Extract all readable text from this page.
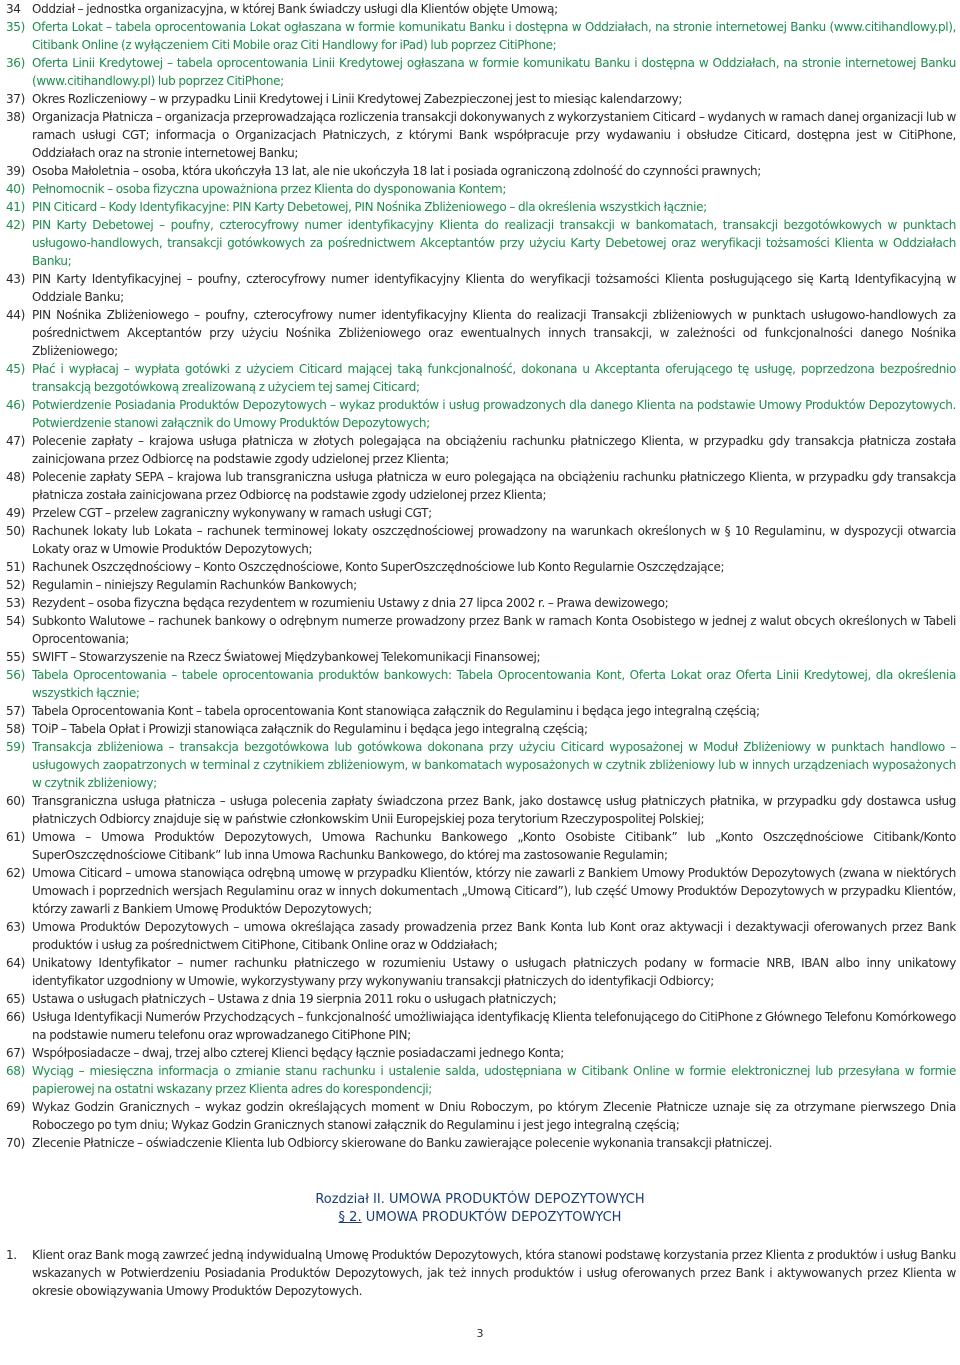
34 Oddział – jednostka organizacyjna, w której Bank świadczy usługi dla Klientów objęte Umową;
35) Oferta Lokat – tabela oprocentowania Lokat ogłaszana w formie komunikatu Banku i dostępna w Oddziałach, na stronie internetowej Banku (www.citihandlowy.pl), Citibank Online (z wyłączeniem Citi Mobile oraz Citi Handlowy for iPad) lub poprzez CitiPhone;
36) Oferta Linii Kredytowej – tabela oprocentowania Linii Kredytowej ogłaszana w formie komunikatu Banku i dostępna w Oddziałach, na stronie internetowej Banku (www.citihandlowy.pl) lub poprzez CitiPhone;
37) Okres Rozliczeniowy – w przypadku Linii Kredytowej i Linii Kredytowej Zabezpieczonej jest to miesiąc kalendarzowy;
38) Organizacja Płatnicza – organizacja przeprowadzająca rozliczenia transakcji dokonywanych z wykorzystaniem Citicard – wydanych w ramach danej organizacji lub w ramach usługi CGT; informacja o Organizacjach Płatniczych, z którymi Bank współpracuje przy wydawaniu i obsłudze Citicard, dostępna jest w CitiPhone, Oddziałach oraz na stronie internetowej Banku;
39) Osoba Małoletnia – osoba, która ukończyła 13 lat, ale nie ukończyła 18 lat i posiada ograniczoną zdolność do czynności prawnych;
40) Pełnomocnik – osoba fizyczna upoważniona przez Klienta do dysponowania Kontem;
41) PIN Citicard – Kody Identyfikacyjne: PIN Karty Debetowej, PIN Nośnika Zbliżeniowego – dla określenia wszystkich łącznie;
42) PIN Karty Debetowej – poufny, czterocyfrowy numer identyfikacyjny Klienta do realizacji transakcji w bankomatach, transakcji bezgotówkowych w punktach usługowo-handlowych, transakcji gotówkowych za pośrednictwem Akceptantów przy użyciu Karty Debetowej oraz weryfikacji tożsamości Klienta w Oddziałach Banku;
43) PIN Karty Identyfikacyjnej – poufny, czterocyfrowy numer identyfikacyjny Klienta do weryfikacji tożsamości Klienta posługującego się Kartą Identyfikacyjną w Oddziale Banku;
44) PIN Nośnika Zbliżeniowego – poufny, czterocyfrowy numer identyfikacyjny Klienta do realizacji Transakcji zbliżeniowych w punktach usługowo-handlowych za pośrednictwem Akceptantów przy użyciu Nośnika Zbliżeniowego oraz ewentualnych innych transakcji, w zależności od funkcjonalności danego Nośnika Zbliżeniowego;
45) Płać i wypłacaj – wypłata gotówki z użyciem Citicard mającej taką funkcjonalność, dokonana u Akceptanta oferującego tę usługę, poprzedzona bezpośrednio transakcją bezgotówkową zrealizowaną z użyciem tej samej Citicard;
46) Potwierdzenie Posiadania Produktów Depozytowych – wykaz produktów i usług prowadzonych dla danego Klienta na podstawie Umowy Produktów Depozytowych. Potwierdzenie stanowi załącznik do Umowy Produktów Depozytowych;
47) Polecenie zapłaty – krajowa usługa płatnicza w złotych polegająca na obciążeniu rachunku płatniczego Klienta, w przypadku gdy transakcja płatnicza została zainicjowana przez Odbiorcę na podstawie zgody udzielonej przez Klienta;
48) Polecenie zapłaty SEPA – krajowa lub transgraniczna usługa płatnicza w euro polegająca na obciążeniu rachunku płatniczego Klienta, w przypadku gdy transakcja płatnicza została zainicjowana przez Odbiorcę na podstawie zgody udzielonej przez Klienta;
49) Przelew CGT – przelew zagraniczny wykonywany w ramach usługi CGT;
50) Rachunek lokaty lub Lokata – rachunek terminowej lokaty oszczędnościowej prowadzony na warunkach określonych w § 10 Regulaminu, w dyspozycji otwarcia Lokaty oraz w Umowie Produktów Depozytowych;
51) Rachunek Oszczędnościowy – Konto Oszczędnościowe, Konto SuperOszczędnościowe lub Konto Regularnie Oszczędzające;
52) Regulamin – niniejszy Regulamin Rachunków Bankowych;
53) Rezydent – osoba fizyczna będąca rezydentem w rozumieniu Ustawy z dnia 27 lipca 2002 r. – Prawa dewizowego;
54) Subkonto Walutowe – rachunek bankowy o odrębnym numerze prowadzony przez Bank w ramach Konta Osobistego w jednej z walut obcych określonych w Tabeli Oprocentowania;
55) SWIFT – Stowarzyszenie na Rzecz Światowej Międzybankowej Telekomunikacji Finansowej;
56) Tabela Oprocentowania – tabele oprocentowania produktów bankowych: Tabela Oprocentowania Kont, Oferta Lokat oraz Oferta Linii Kredytowej, dla określenia wszystkich łącznie;
57) Tabela Oprocentowania Kont – tabela oprocentowania Kont stanowiąca załącznik do Regulaminu i będąca jego integralną częścią;
58) TOiP – Tabela Opłat i Prowizji stanowiąca załącznik do Regulaminu i będąca jego integralną częścią;
59) Transakcja zbliżeniowa – transakcja bezgotówkowa lub gotówkowa dokonana przy użyciu Citicard wyposażonej w Moduł Zbliżeniowy w punktach handlowo – usługowych zaopatrzonych w terminal z czytnikiem zbliżeniowym, w bankomatach wyposażonych w czytnik zbliżeniowy lub w innych urządzeniach wyposażonych w czytnik zbliżeniowy;
60) Transgraniczna usługa płatnicza – usługa polecenia zapłaty świadczona przez Bank, jako dostawcę usług płatniczych płatnika, w przypadku gdy dostawca usług płatniczych Odbiorcy znajduje się w państwie członkowskim Unii Europejskiej poza terytorium Rzeczypospolitej Polskiej;
61) Umowa – Umowa Produktów Depozytowych, Umowa Rachunku Bankowego „Konto Osobiste Citibank” lub „Konto Oszczędnościowe Citibank/Konto SuperOszczędnościowe Citibank” lub inna Umowa Rachunku Bankowego, do której ma zastosowanie Regulamin;
62) Umowa Citicard – umowa stanowiąca odrębną umowę w przypadku Klientów, którzy nie zawarli z Bankiem Umowy Produktów Depozytowych (zwana w niektórych Umowach i poprzednich wersjach Regulaminu oraz w innych dokumentach „Umową Citicard”), lub część Umowy Produktów Depozytowych w przypadku Klientów, którzy zawarli z Bankiem Umowę Produktów Depozytowych;
63) Umowa Produktów Depozytowych – umowa określająca zasady prowadzenia przez Bank Konta lub Kont oraz aktywacji i dezaktywacji oferowanych przez Bank produktów i usług za pośrednictwem CitiPhone, Citibank Online oraz w Oddziałach;
64) Unikatowy Identyfikator – numer rachunku płatniczego w rozumieniu Ustawy o usługach płatniczych podany w formacie NRB, IBAN albo inny unikatowy identyfikator uzgodniony w Umowie, wykorzystywany przy wykonywaniu transakcji płatniczych do identyfikacji Odbiorcy;
65) Ustawa o usługach płatniczych – Ustawa z dnia 19 sierpnia 2011 roku o usługach płatniczych;
66) Usługa Identyfikacji Numerów Przychodzących – funkcjonalność umożliwiająca identyfikację Klienta telefonującego do CitiPhone z Głównego Telefonu Komórkowego na podstawie numeru telefonu oraz wprowadzanego CitiPhone PIN;
67) Współposiadacze – dwaj, trzej albo czterej Klienci będący łącznie posiadaczami jednego Konta;
68) Wyciąg – miesięczna informacja o zmianie stanu rachunku i ustalenie salda, udostępniana w Citibank Online w formie elektronicznej lub przesyłana w formie papierowej na ostatni wskazany przez Klienta adres do korespondencji;
69) Wykaz Godzin Granicznych – wykaz godzin określających moment w Dniu Roboczym, po którym Zlecenie Płatnicze uznaje się za otrzymane pierwszego Dnia Roboczego po tym dniu; Wykaz Godzin Granicznych stanowi załącznik do Regulaminu i jest jego integralną częścią;
70) Zlecenie Płatnicze – oświadczenie Klienta lub Odbiorcy skierowane do Banku zawierające polecenie wykonania transakcji płatniczej.
Rozdział II. UMOWA PRODUKTÓW DEPOZYTOWYCH
§ 2. UMOWA PRODUKTÓW DEPOZYTOWYCH

1. Klient oraz Bank mogą zawrzeć jedną indywidualną Umowę Produktów Depozytowych, która stanowi podstawę korzystania przez Klienta z produktów i usług Banku wskazanych w Potwierdzeniu Posiadania Produktów Depozytowych, jak też innych produktów i usług oferowanych przez Bank i aktywowanych przez Klienta w okresie obowiązywania Umowy Produktów Depozytowych.

3
